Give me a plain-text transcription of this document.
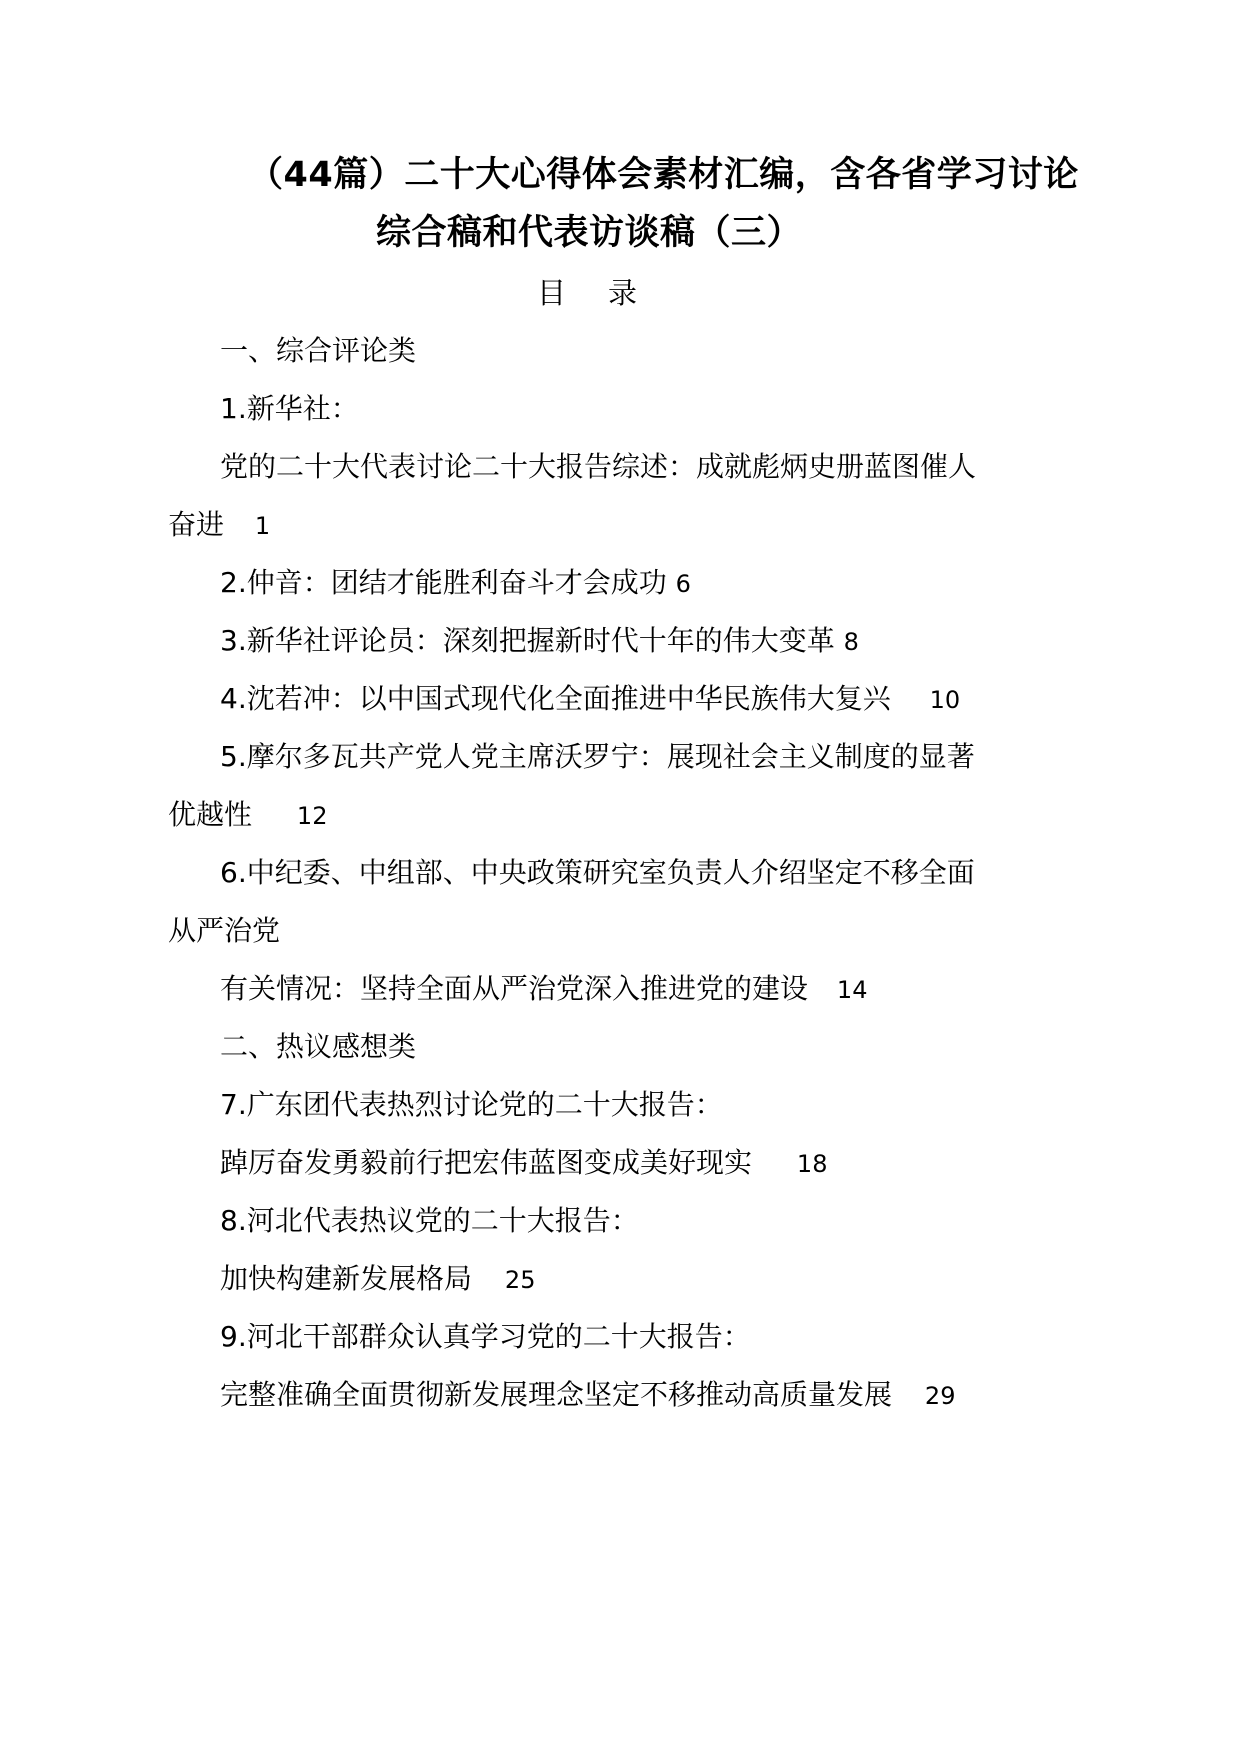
（44篇）二十大心得体会素材汇编，含各省学习讨论
综合稿和代表访谈稿（三）
目 录
一、综合评论类
1.新华社：
党的二十大代表讨论二十大报告综述：成就彪炳史册蓝图催人
奋进 1
2.仲音：团结才能胜利奋斗才会成功 6
3.新华社评论员：深刻把握新时代十年的伟大变革 8
4.沈若冲：以中国式现代化全面推进中华民族伟大复兴 10
5.摩尔多瓦共产党人党主席沃罗宁：展现社会主义制度的显著
优越性 12
6.中纪委、中组部、中央政策研究室负责人介绍坚定不移全面
从严治党
有关情况：坚持全面从严治党深入推进党的建设 14
二、热议感想类
7.广东团代表热烈讨论党的二十大报告：
踔厉奋发勇毅前行把宏伟蓝图变成美好现实 18
8.河北代表热议党的二十大报告：
加快构建新发展格局 25
9.河北干部群众认真学习党的二十大报告：
完整准确全面贯彻新发展理念坚定不移推动高质量发展 29
